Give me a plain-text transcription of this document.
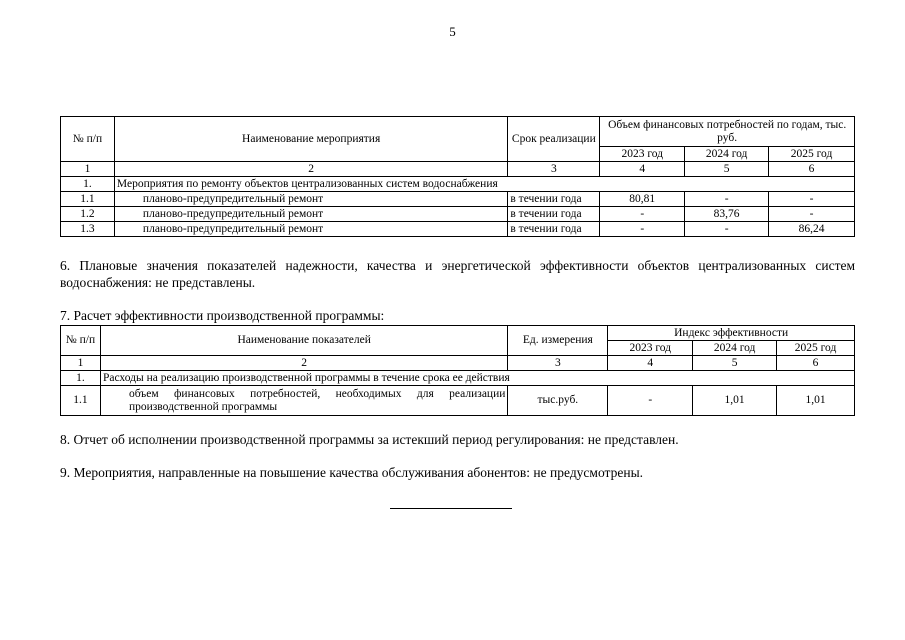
5
№ п/п	Наименование мероприятия	Срок реализации	Объем финансовых потребностей по годам, тыс. руб.		
			2023 год	2024 год	2025 год
1	2	3	4	5	6
1.	Мероприятия по ремонту объектов централизованных систем водоснабжения				
1.1	планово-предупредительный ремонт	в течении года	80,81	-	-
1.2	планово-предупредительный ремонт	в течении года	-	83,76	-
1.3	планово-предупредительный ремонт	в течении года	-	-	86,24
6. Плановые значения показателей надежности, качества и энергетической эффективности объектов централизованных систем водоснабжения: не представлены.
7. Расчет эффективности производственной программы:
№ п/п	Наименование показателей	Ед. измерения	Индекс эффективности		
			2023 год	2024 год	2025 год
1	2	3	4	5	6
1.	Расходы на реализацию производственной программы в течение срока ее действия				
1.1	объем финансовых потребностей, необходимых для реализации производственной программы	тыс.руб.	-	1,01	1,01
8. Отчет об исполнении производственной программы за истекший период регулирования: не представлен.
9. Мероприятия, направленные на повышение качества обслуживания абонентов: не предусмотрены.
